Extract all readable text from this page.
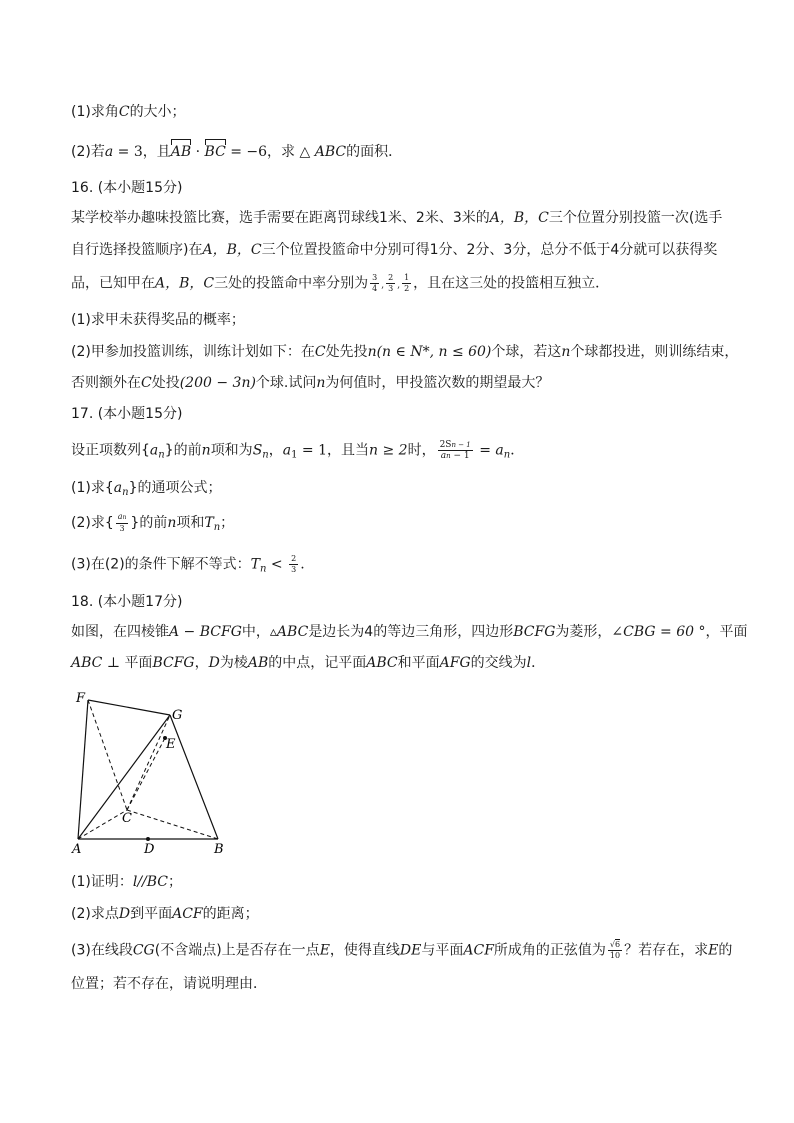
(1)求角C的大小；
(2)若a = 3，且AB · BC = −6，求 △ ABC的面积．
16. (本小题15分)
某学校举办趣味投篮比赛，选手需要在距离罚球线1米、2米、3米的A，B，C三个位置分别投篮一次(选手
自行选择投篮顺序)在A，B，C三个位置投篮命中分别可得1分、2分、3分，总分不低于4分就可以获得奖
品，已知甲在A，B，C三处的投篮命中率分别为 $\frac{3}{4}$ , $\frac{2}{3}$ , $\frac{1}{2}$ ，且在这三处的投篮相互独立．
(1)求甲未获得奖品的概率；
(2)甲参加投篮训练，训练计划如下：在C处先投n(n ∈ N*, n ≤ 60)个球，若这n个球都投进，则训练结束，
否则额外在C处投(200 − 3n)个球.试问n为何值时，甲投篮次数的期望最大？
17. (本小题15分)
设正项数列$\{a_n\}$的前n项和为$S_n$，$a_1 = 1$，且当n ≥ 2时， $\frac{2Sn - 1}{an - 1} = a_n$．
(1)求$\{a_n\}$的通项公式；
(2)求{ $\frac{an}{3}$ }的前n项和$T_n$；
(3)在(2)的条件下解不等式：$T_n < \frac{2}{3}$ .
18. (本小题17分)
如图，在四棱锥A − BCFG中，▵ABC是边长为4的等边三角形，四边形BCFG为菱形，∠CBG = 60 °，平面
ABC ⊥ 平面BCFG，D为棱AB的中点，记平面ABC和平面AFG的交线为l．
F
G
E
C
A	D	B
(1)证明：l//BC；
(2)求点D到平面ACF的距离；
(3)在线段CG(不含端点)上是否存在一点E，使得直线DE与平面ACF所成角的正弦值为 $\frac{√6}{10}$ ？若存在，求E的
位置；若不存在，请说明理由．
